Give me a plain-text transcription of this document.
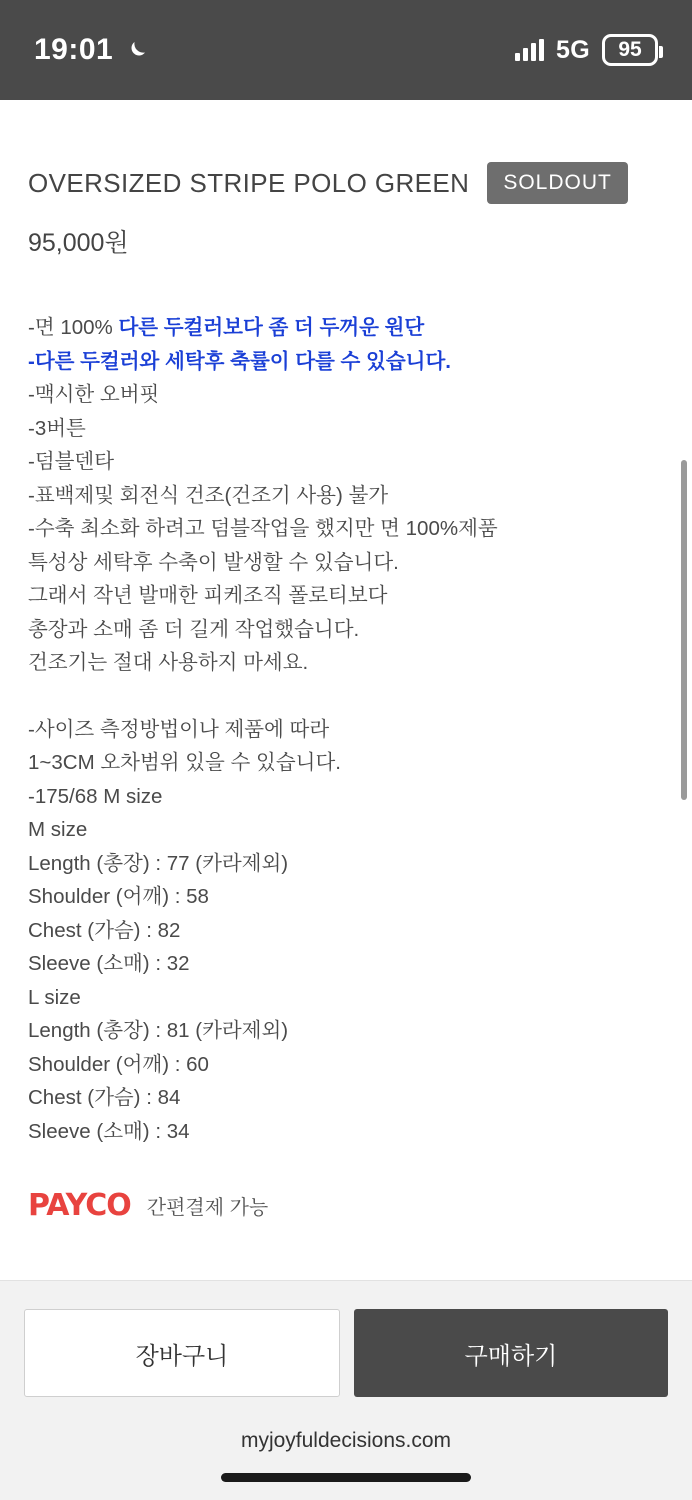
19:01	5G 95
OVERSIZED STRIPE POLO GREEN	SOLDOUT
95,000원
-면 100% 다른 두컬러보다 좀 더 두꺼운 원단
-다른 두컬러와 세탁후 축률이 다를 수 있습니다.
-맥시한 오버핏
-3버튼
-덤블덴타
-표백제및 회전식 건조(건조기 사용) 불가
-수축 최소화 하려고 덤블작업을 했지만 면 100%제품
특성상 세탁후 수축이 발생할 수 있습니다.
그래서 작년 발매한 피케조직 폴로티보다
총장과 소매 좀 더 길게 작업했습니다.
건조기는 절대 사용하지 마세요.
-사이즈 측정방법이나 제품에 따라
1~3CM 오차범위 있을 수 있습니다.
-175/68 M size
M size
Length (총장) : 77 (카라제외)
Shoulder (어깨) : 58
Chest (가슴) : 82
Sleeve (소매) : 32
L size
Length (총장) : 81 (카라제외)
Shoulder (어깨) : 60
Chest (가슴) : 84
Sleeve (소매) : 34
PAYCO 간편결제 가능
장바구니	구매하기
myjoyfuldecisions.com
